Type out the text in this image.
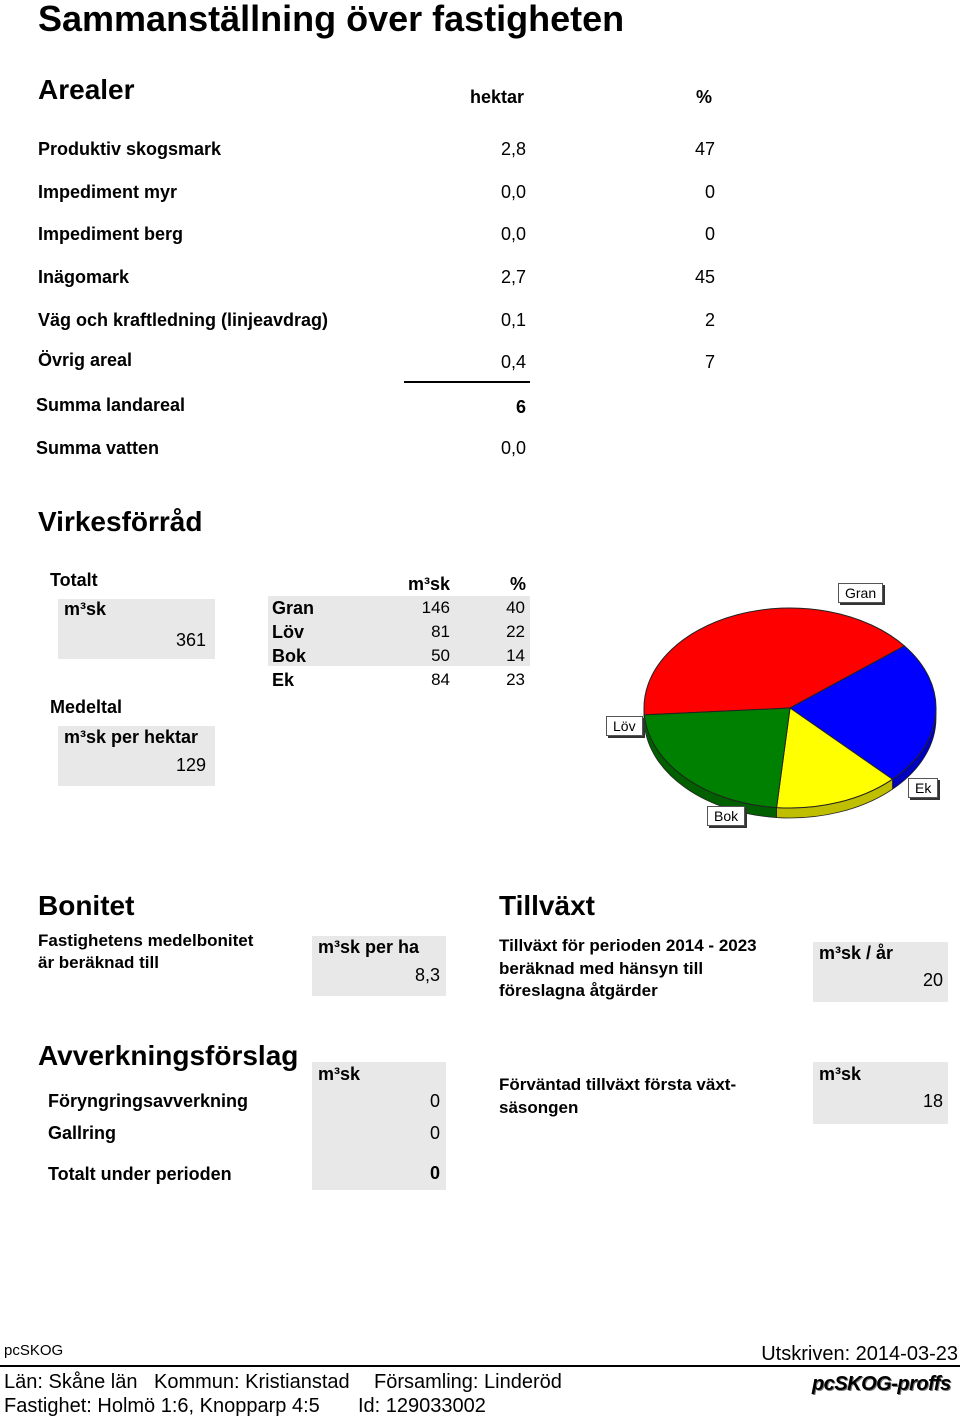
Sammanställning över fastigheten
Arealer	hektar	%
Produktiv skogsmark	2,8	47
Impediment myr	0,0	0
Impediment berg	0,0	0
Inägomark	2,7	45
Väg och kraftledning (linjeavdrag)	0,1	2
Övrig areal	0,4	7
Summa landareal	6
Summa vatten	0,0
Virkesförråd
Totalt
m³sk
361
Medeltal
m³sk per hektar
129
m³sk	%
Gran	146	40
Löv	81	22
Bok	50	14
Ek	84	23
Gran
Ek
Bok
Löv
Bonitet
Fastighetens medelbonitet
är beräknad till
m³sk per ha
8,3
Tillväxt
Tillväxt för perioden 2014 - 2023
beräknad med hänsyn till
föreslagna åtgärder
m³sk / år
20
Avverkningsförslag
m³sk
Föryngringsavverkning	0
Gallring	0
Totalt under perioden	0
Förväntad tillväxt första växt-
säsongen
m³sk
18
pcSKOG	Utskriven: 2014-03-23
Län: Skåne län Kommun: Kristianstad Församling: Linderöd
Fastighet: Holmö 1:6, Knopparp 4:5 Id: 129033002
pcSKOG-proffs
